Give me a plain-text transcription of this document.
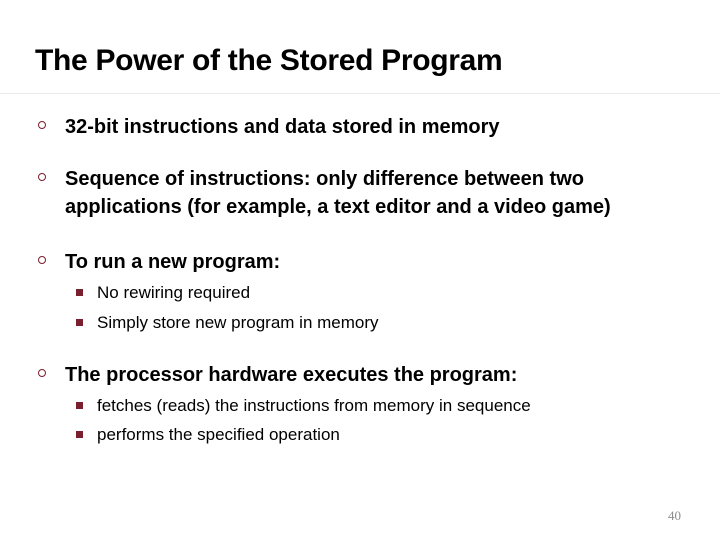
The Power of the Stored Program
32-bit instructions and data stored in memory
Sequence of instructions: only difference between two applications (for example, a text editor and a video game)
To run a new program:
No rewiring required
Simply store new program in memory
The processor hardware executes the program:
fetches (reads) the instructions from memory in sequence
performs the specified operation
40
